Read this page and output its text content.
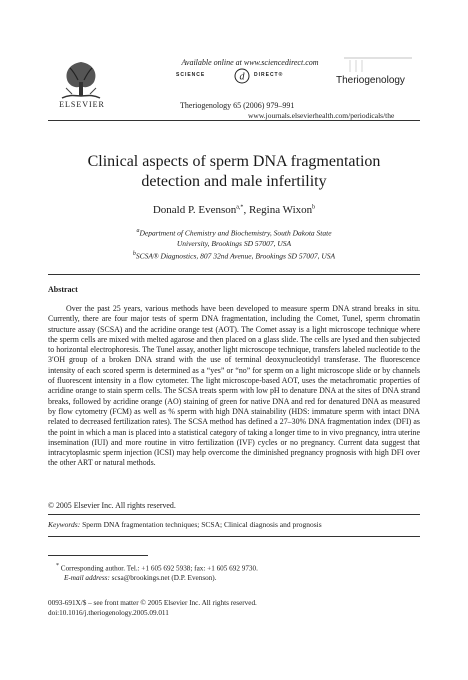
ELSEVIER
Available online at www.sciencedirect.com
SCIENCE	d DIRECT®	Theriogenology
Theriogenology 65 (2006) 979–991
www.journals.elsevierhealth.com/periodicals/the
Clinical aspects of sperm DNA fragmentation
detection and male infertility
Donald P. Evenson$^{a,*}$, Regina Wixon$^b$
$^a$Department of Chemistry and Biochemistry, South Dakota State
University, Brookings SD 57007, USA
$^b$SCSA® Diagnostics, 807 32nd Avenue, Brookings SD 57007, USA
Abstract
Over the past 25 years, various methods have been developed to measure sperm DNA strand breaks in situ. Currently, there are four major tests of sperm DNA fragmentation, including the Comet, Tunel, sperm chromatin structure assay (SCSA) and the acridine orange test (AOT). The Comet assay is a light microscope technique where the sperm cells are mixed with melted agarose and then placed on a glass slide. The cells are lysed and then subjected to horizontal electrophoresis. The Tunel assay, another light microscope technique, transfers labeled nucleotide to the 3′OH group of a broken DNA strand with the use of terminal deoxynucleotidyl transferase. The fluorescence intensity of each scored sperm is determined as a “yes” or “no” for sperm on a light microscope slide or by channels of fluorescent intensity in a flow cytometer. The light microscope-based AOT, uses the metachromatic properties of acridine orange to stain sperm cells. The SCSA treats sperm with low pH to denature DNA at the sites of DNA strand breaks, followed by acridine orange (AO) staining of green for native DNA and red for denatured DNA as measured by flow cytometry (FCM) as well as % sperm with high DNA stainability (HDS: immature sperm with intact DNA related to decreased fertilization rates). The SCSA method has defined a 27–30% DNA fragmentation index (DFI) as the point in which a man is placed into a statistical category of taking a longer time to in vivo pregnancy, intra uterine insemination (IUI) and more routine in vitro fertilization (IVF) cycles or no pregnancy. Current data suggest that intracytoplasmic sperm injection (ICSI) may help overcome the diminished pregnancy prognosis with high DFI over the other ART or natural methods.
© 2005 Elsevier Inc. All rights reserved.
Keywords: Sperm DNA fragmentation techniques; SCSA; Clinical diagnosis and prognosis
* Corresponding author. Tel.: +1 605 692 5938; fax: +1 605 692 9730.
E-mail address: scsa@brookings.net (D.P. Evenson).
0093-691X/$ – see front matter © 2005 Elsevier Inc. All rights reserved.
doi:10.1016/j.theriogenology.2005.09.011
